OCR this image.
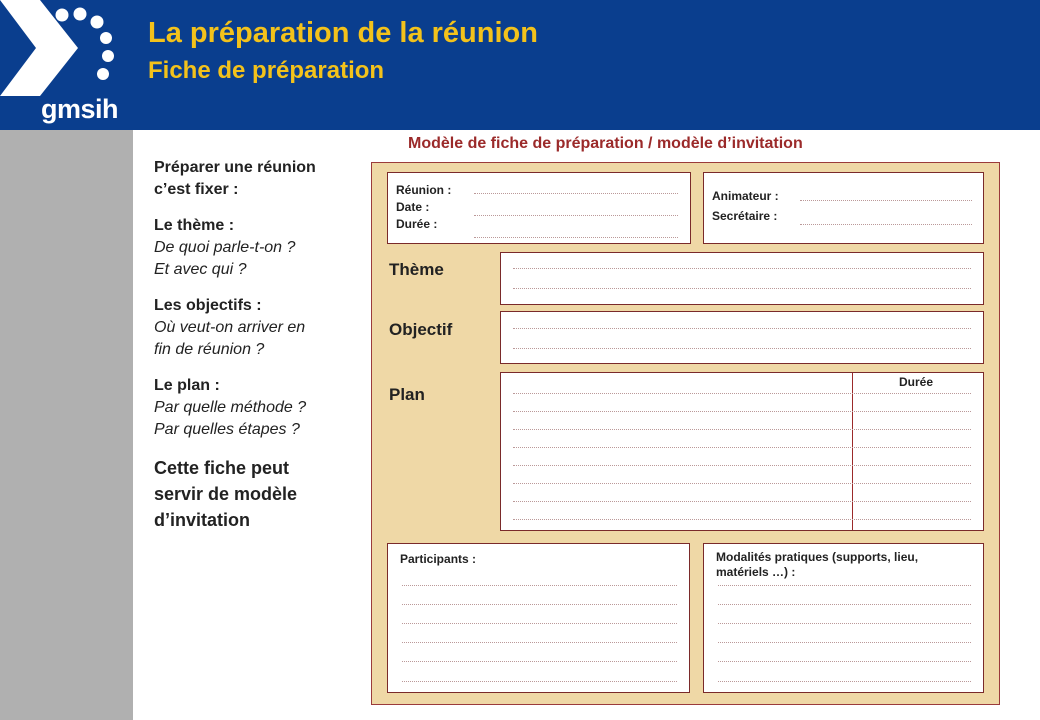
gmsih
La préparation de la réunion
Fiche de préparation
Préparer une réunion
c’est fixer :
Le thème :
De quoi parle-t-on ?
Et avec qui ?
Les objectifs :
Où veut-on arriver en
fin de réunion ?
Le plan :
Par quelle méthode ?
Par quelles étapes ?
Cette fiche peut
servir de modèle
d’invitation
Modèle de fiche de préparation / modèle d’invitation
Réunion :
Date :
Durée :
Animateur :
Secrétaire :
Thème
Objectif
Plan
Durée
Participants :	Modalités pratiques (supports, lieu,
matériels …) :
